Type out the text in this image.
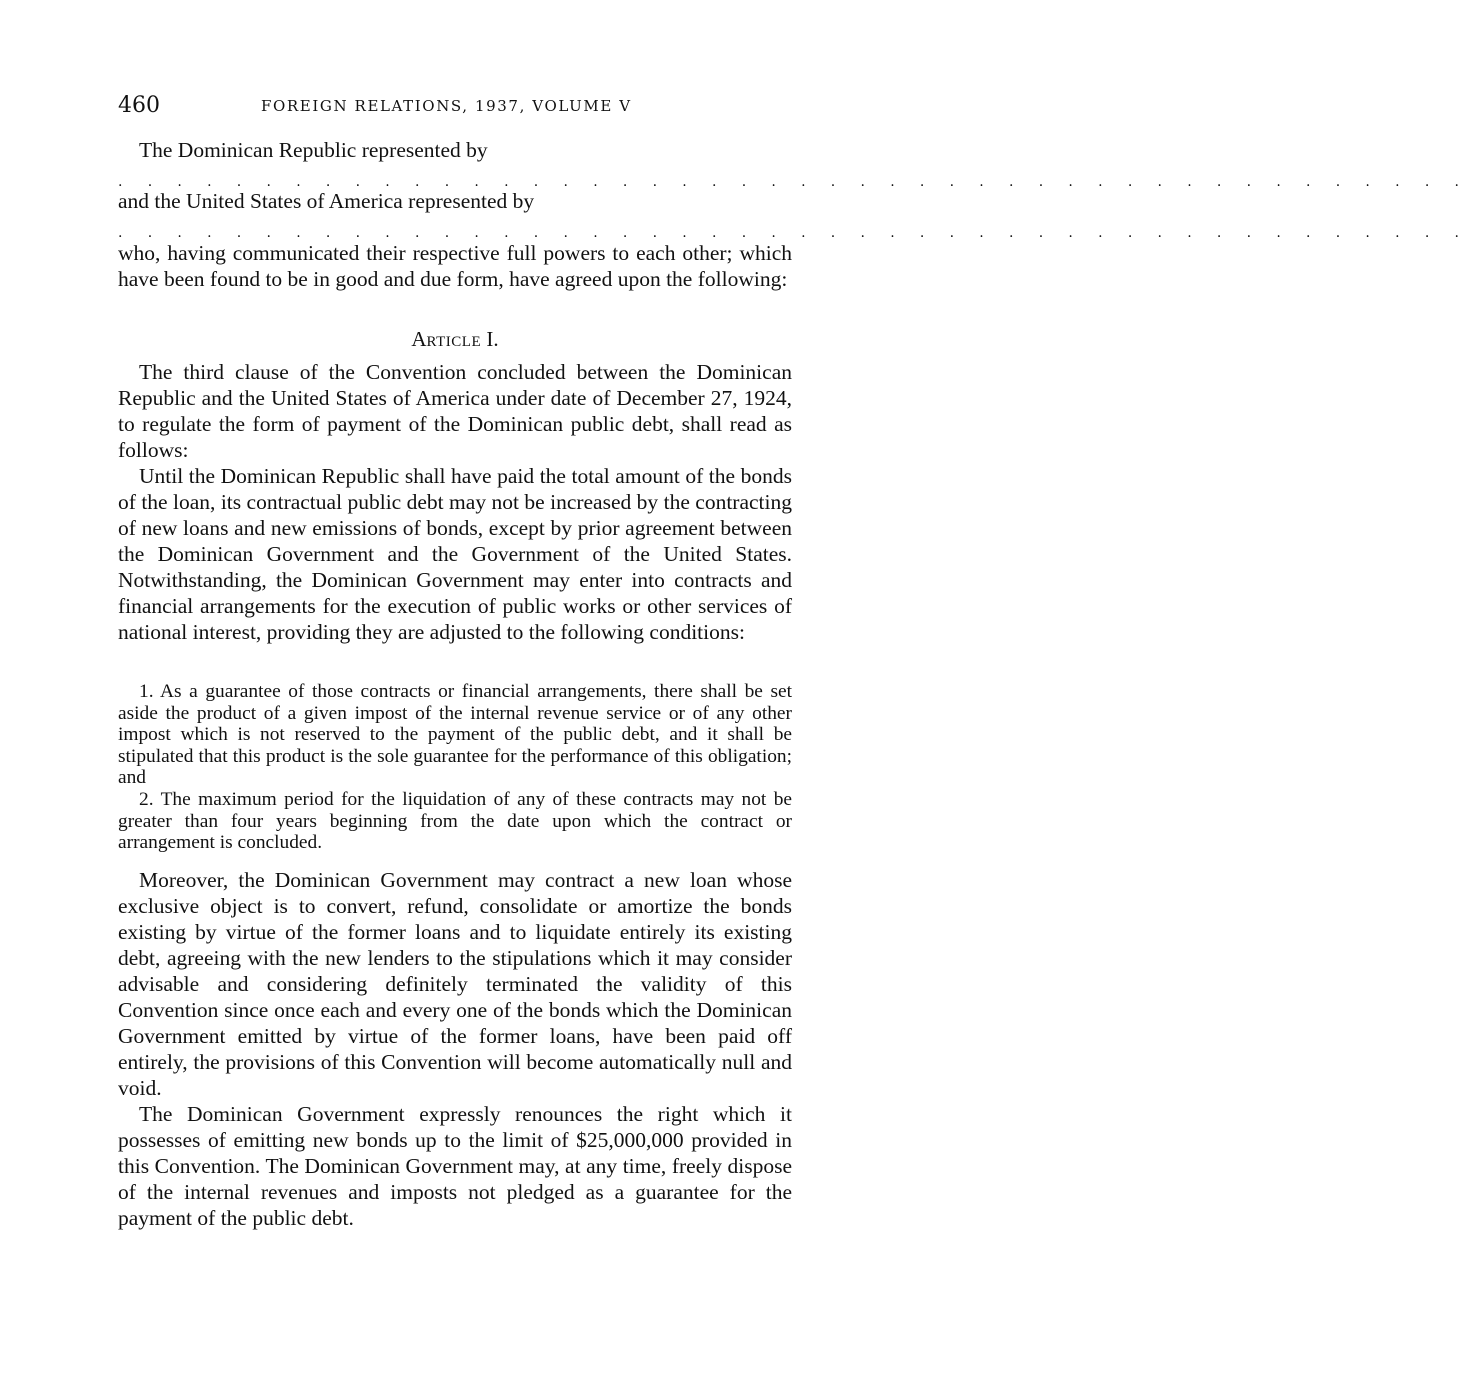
460	FOREIGN RELATIONS, 1937, VOLUME V

The Dominican Republic represented by

. . . . . . . . . . . . . . . . . . . . . . . . . . . . . . . . . . . . . . . . . . . . . .

and the United States of America represented by

. . . . . . . . . . . . . . . . . . . . . . . . . . . . . . . . . . . . . . . . . . . . . .

who, having communicated their respective full powers to each other; which have been found to be in good and due form, have agreed upon the following:

ARTICLE I.

The third clause of the Convention concluded between the Dominican Republic and the United States of America under date of December 27, 1924, to regulate the form of payment of the Dominican public debt, shall read as follows:

Until the Dominican Republic shall have paid the total amount of the bonds of the loan, its contractual public debt may not be increased by the contracting of new loans and new emissions of bonds, except by prior agreement between the Dominican Government and the Government of the United States. Notwithstanding, the Dominican Government may enter into contracts and financial arrangements for the execution of public works or other services of national interest, providing they are adjusted to the following conditions:

1. As a guarantee of those contracts or financial arrangements, there shall be set aside the product of a given impost of the internal revenue service or of any other impost which is not reserved to the payment of the public debt, and it shall be stipulated that this product is the sole guarantee for the performance of this obligation; and

2. The maximum period for the liquidation of any of these contracts may not be greater than four years beginning from the date upon which the contract or arrangement is concluded.

Moreover, the Dominican Government may contract a new loan whose exclusive object is to convert, refund, consolidate or amortize the bonds existing by virtue of the former loans and to liquidate entirely its existing debt, agreeing with the new lenders to the stipulations which it may consider advisable and considering definitely terminated the validity of this Convention since once each and every one of the bonds which the Dominican Government emitted by virtue of the former loans, have been paid off entirely, the provisions of this Convention will become automatically null and void.

The Dominican Government expressly renounces the right which it possesses of emitting new bonds up to the limit of $25,000,000 provided in this Convention. The Dominican Government may, at any time, freely dispose of the internal revenues and imposts not pledged as a guarantee for the payment of the public debt.
